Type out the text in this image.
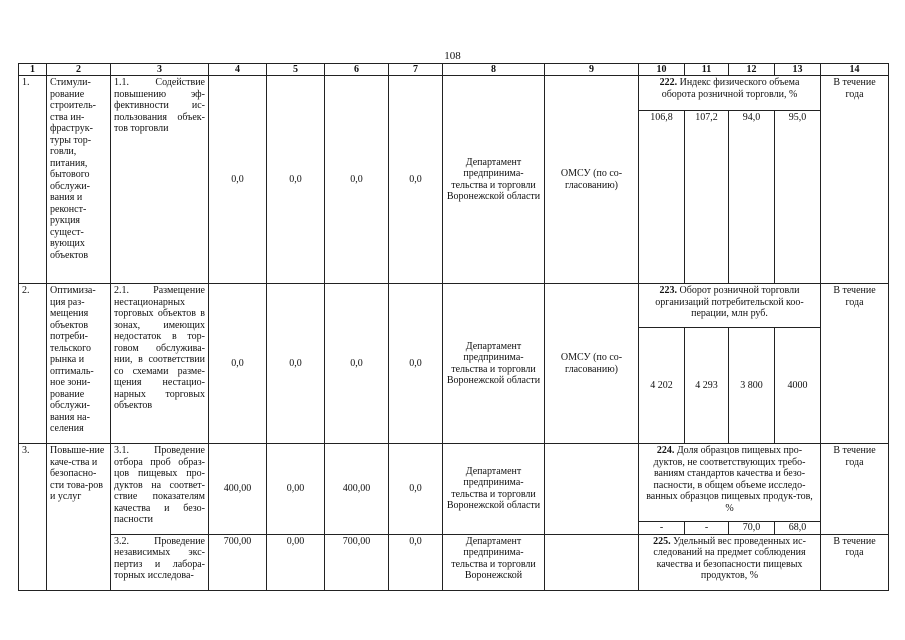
108
1	2	3	4	5	6	7	8	9	10	11	12	13	14
1.	Стимули-рование строитель-ства ин-фраструк-туры тор-говли, питания, бытового обслужи-вания и реконст-рукция сущест-вующих объектов	1.1. Содействие повышению эф-фективности ис-пользования объек-тов торговли	0,0	0,0	0,0	0,0	Департамент предпринима-тельства и торговли Воронежской области	ОМСУ (по со-гласованию)	222. Индекс физического объема оборота розничной торговли, %				В течение года
									106,8	107,2	94,0	95,0	
2.	Оптимиза-ция раз-мещения объектов потреби-тельского рынка и оптималь-ное зони-рование обслужи-вания на-селения	2.1. Размещение нестационарных торговых объектов в зонах, имеющих недостаток в тор-говом обслужива-нии, в соответствии со схемами разме-щения нестацио-нарных торговых объектов	0,0	0,0	0,0	0,0	Департамент предпринима-тельства и торговли Воронежской области	ОМСУ (по со-гласованию)	223. Оборот розничной торговли организаций потребительской коо-перации, млн руб.				В течение года
									4 202	4 293	3 800	4000	
3.	Повыше-ние каче-ства и безопасно-сти това-ров и услуг	3.1. Проведение отбора проб образ-цов пищевых про-дуктов на соответ-ствие показателям качества и безо-пасности	400,00	0,00	400,00	0,0	Департамент предпринима-тельства и торговли Воронежской области		224. Доля образцов пищевых про-дуктов, не соответствующих требо-ваниям стандартов качества и безо-пасности, в общем объеме исследо-ванных образцов пищевых продук-тов, %				В течение года
									-	-	70,0	68,0	
		3.2. Проведение независимых экс-пертиз и лабора-торных исследова-	700,00	0,00	700,00	0,0	Департамент предпринима-тельства и торговли Воронежской		225. Удельный вес проведенных ис-следований на предмет соблюдения качества и безопасности пищевых продуктов, %				В течение года
